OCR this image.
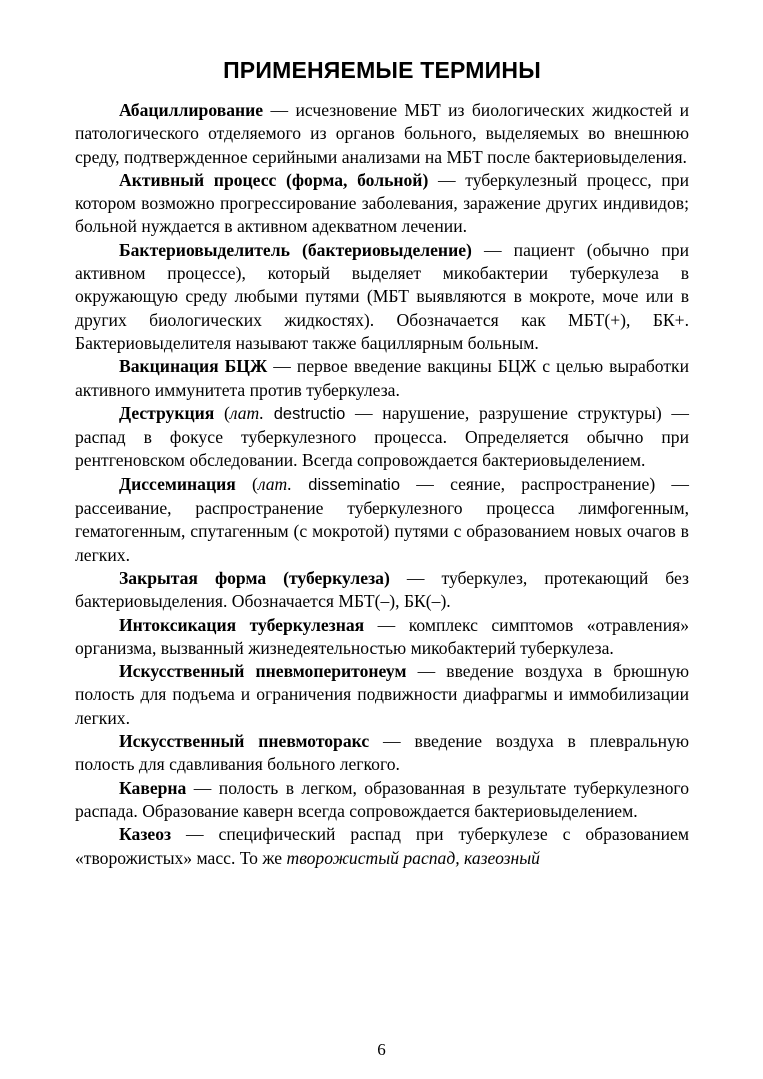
ПРИМЕНЯЕМЫЕ ТЕРМИНЫ

Абациллирование — исчезновение МБТ из биологических жидкостей и патологического отделяемого из органов больного, выделяемых во внешнюю среду, подтвержденное серийными анализами на МБТ после бактериовыделения.

Активный процесс (форма, больной) — туберкулезный процесс, при котором возможно прогрессирование заболевания, заражение других индивидов; больной нуждается в активном адекватном лечении.

Бактериовыделитель (бактериовыделение) — пациент (обычно при активном процессе), который выделяет микобактерии туберкулеза в окружающую среду любыми путями (МБТ выявляются в мокроте, моче или в других биологических жидкостях). Обозначается как МБТ(+), БК+. Бактериовыделителя называют также бациллярным больным.

Вакцинация БЦЖ — первое введение вакцины БЦЖ с целью выработки активного иммунитета против туберкулеза.

Деструкция (лат. destructio — нарушение, разрушение структуры) — распад в фокусе туберкулезного процесса. Определяется обычно при рентгеновском обследовании. Всегда сопровождается бактериовыделением.

Диссеминация (лат. disseminatio — сеяние, распространение) — рассеивание, распространение туберкулезного процесса лимфогенным, гематогенным, спутагенным (с мокротой) путями с образованием новых очагов в легких.

Закрытая форма (туберкулеза) — туберкулез, протекающий без бактериовыделения. Обозначается МБТ(–), БК(–).

Интоксикация туберкулезная — комплекс симптомов «отравления» организма, вызванный жизнедеятельностью микобактерий туберкулеза.

Искусственный пневмоперитонеум — введение воздуха в брюшную полость для подъема и ограничения подвижности диафрагмы и иммобилизации легких.

Искусственный пневмоторакс — введение воздуха в плевральную полость для сдавливания больного легкого.

Каверна — полость в легком, образованная в результате туберкулезного распада. Образование каверн всегда сопровождается бактериовыделением.

Казеоз — специфический распад при туберкулезе с образованием «творожистых» масс. То же творожистый распад, казеозный

6
